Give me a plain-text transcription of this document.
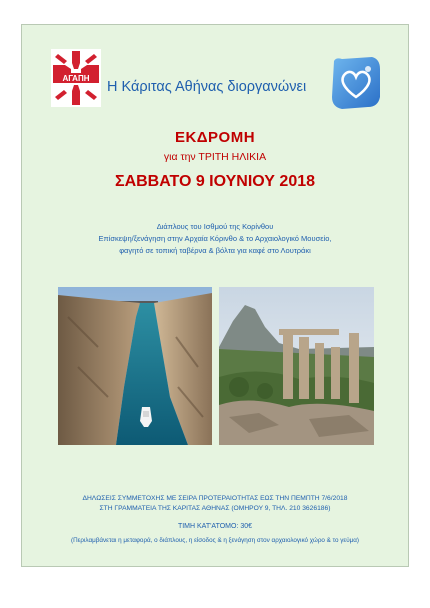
ΑΓΑΠΗ
Η Κάριτας Αθήνας διοργανώνει
ΕΚΔΡΟΜΗ
για την ΤΡΙΤΗ ΗΛΙΚΙΑ
ΣΑΒΒΑΤΟ 9 ΙΟΥΝΙΟΥ 2018
Διάπλους του Ισθμού της Κορίνθου
Επίσκεψη/ξενάγηση στην Αρχαία Κόρινθο & το Αρχαιολογικό Μουσείο,
φαγητό σε τοπική ταβέρνα & βόλτα για καφέ στο Λουτράκι
ΔΗΛΩΣΕΙΣ ΣΥΜΜΕΤΟΧΗΣ ΜΕ ΣΕΙΡΑ ΠΡΟΤΕΡΑΙΟΤΗΤΑΣ ΕΩΣ ΤΗΝ ΠΕΜΠΤΗ 7/6/2018
ΣΤΗ ΓΡΑΜΜΑΤΕΙΑ ΤΗΣ ΚΑΡΙΤΑΣ ΑΘΗΝΑΣ (ΟΜΗΡΟΥ 9, ΤΗΛ. 210 3626186)
ΤΙΜΗ ΚΑΤ'ΑΤΟΜΟ: 30€
(Περιλαμβάνεται η μεταφορά, ο διάπλους, η είσοδος & η ξενάγηση στον αρχαιολογικό χώρο & το γεύμα)
